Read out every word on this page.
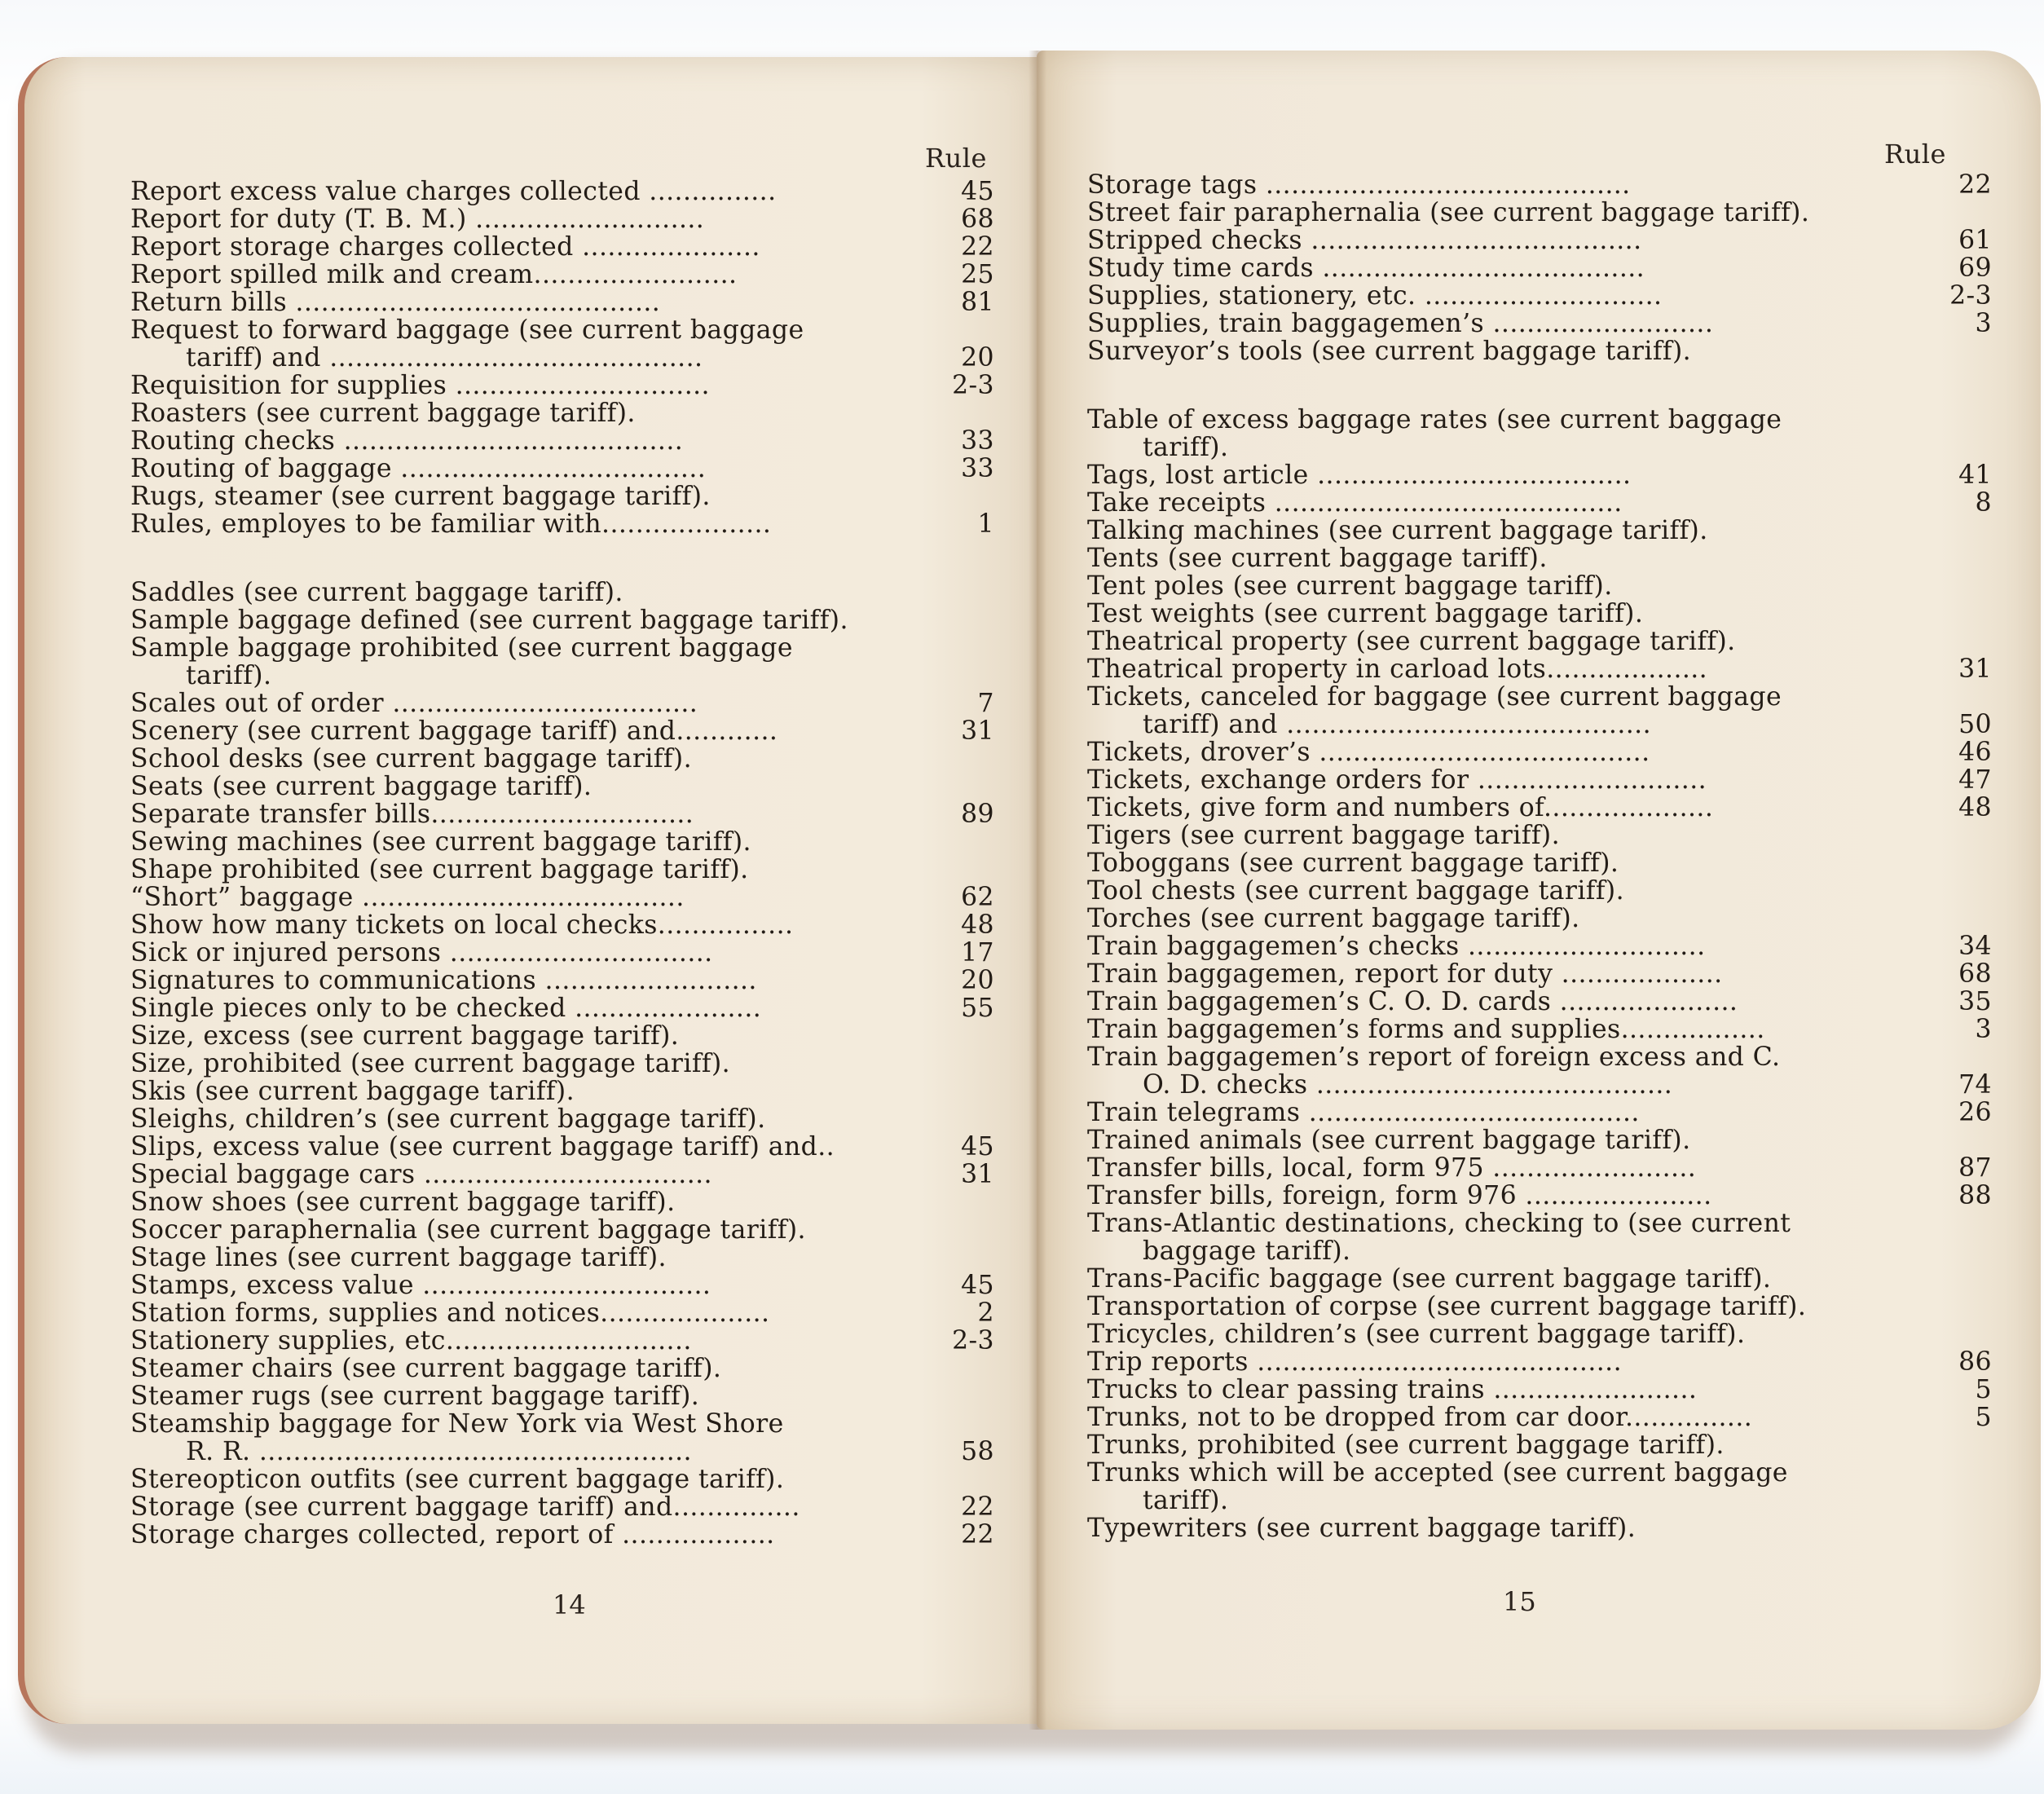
Rule
Report excess value charges collected ...............	45
Report for duty (T. B. M.) ...........................	68
Report storage charges collected .....................	22
Report spilled milk and cream........................	25
Return bills ...........................................	81
Request to forward baggage (see current baggage
tariff) and ............................................	20
Requisition for supplies ..............................	2-3
Roasters (see current baggage tariff).
Routing checks ........................................	33
Routing of baggage ....................................	33
Rugs, steamer (see current baggage tariff).
Rules, employes to be familiar with....................	1
Saddles (see current baggage tariff).
Sample baggage defined (see current baggage tariff).
Sample baggage prohibited (see current baggage
tariff).
Scales out of order ....................................	7
Scenery (see current baggage tariff) and............	31
School desks (see current baggage tariff).
Seats (see current baggage tariff).
Separate transfer bills...............................	89
Sewing machines (see current baggage tariff).
Shape prohibited (see current baggage tariff).
“Short” baggage ......................................	62
Show how many tickets on local checks................	48
Sick or injured persons ...............................	17
Signatures to communications .........................	20
Single pieces only to be checked ......................	55
Size, excess (see current baggage tariff).
Size, prohibited (see current baggage tariff).
Skis (see current baggage tariff).
Sleighs, children’s (see current baggage tariff).
Slips, excess value (see current baggage tariff) and..	45
Special baggage cars ..................................	31
Snow shoes (see current baggage tariff).
Soccer paraphernalia (see current baggage tariff).
Stage lines (see current baggage tariff).
Stamps, excess value ..................................	45
Station forms, supplies and notices....................	2
Stationery supplies, etc.............................	2-3
Steamer chairs (see current baggage tariff).
Steamer rugs (see current baggage tariff).
Steamship baggage for New York via West Shore
R. R. ...................................................	58
Stereopticon outfits (see current baggage tariff).
Storage (see current baggage tariff) and...............	22
Storage charges collected, report of ..................	22
14
Rule
Storage tags ...........................................	22
Street fair paraphernalia (see current baggage tariff).
Stripped checks .......................................	61
Study time cards ......................................	69
Supplies, stationery, etc. ............................	2-3
Supplies, train baggagemen’s ..........................	3
Surveyor’s tools (see current baggage tariff).
Table of excess baggage rates (see current baggage
tariff).
Tags, lost article .....................................	41
Take receipts .........................................	8
Talking machines (see current baggage tariff).
Tents (see current baggage tariff).
Tent poles (see current baggage tariff).
Test weights (see current baggage tariff).
Theatrical property (see current baggage tariff).
Theatrical property in carload lots...................	31
Tickets, canceled for baggage (see current baggage
tariff) and ...........................................	50
Tickets, drover’s .......................................	46
Tickets, exchange orders for ...........................	47
Tickets, give form and numbers of....................	48
Tigers (see current baggage tariff).
Toboggans (see current baggage tariff).
Tool chests (see current baggage tariff).
Torches (see current baggage tariff).
Train baggagemen’s checks ............................	34
Train baggagemen, report for duty ...................	68
Train baggagemen’s C. O. D. cards .....................	35
Train baggagemen’s forms and supplies.................	3
Train baggagemen’s report of foreign excess and C.
O. D. checks ..........................................	74
Train telegrams .......................................	26
Trained animals (see current baggage tariff).
Transfer bills, local, form 975 ........................	87
Transfer bills, foreign, form 976 ......................	88
Trans-Atlantic destinations, checking to (see current
baggage tariff).
Trans-Pacific baggage (see current baggage tariff).
Transportation of corpse (see current baggage tariff).
Tricycles, children’s (see current baggage tariff).
Trip reports ...........................................	86
Trucks to clear passing trains ........................	5
Trunks, not to be dropped from car door...............	5
Trunks, prohibited (see current baggage tariff).
Trunks which will be accepted (see current baggage
tariff).
Typewriters (see current baggage tariff).
15
